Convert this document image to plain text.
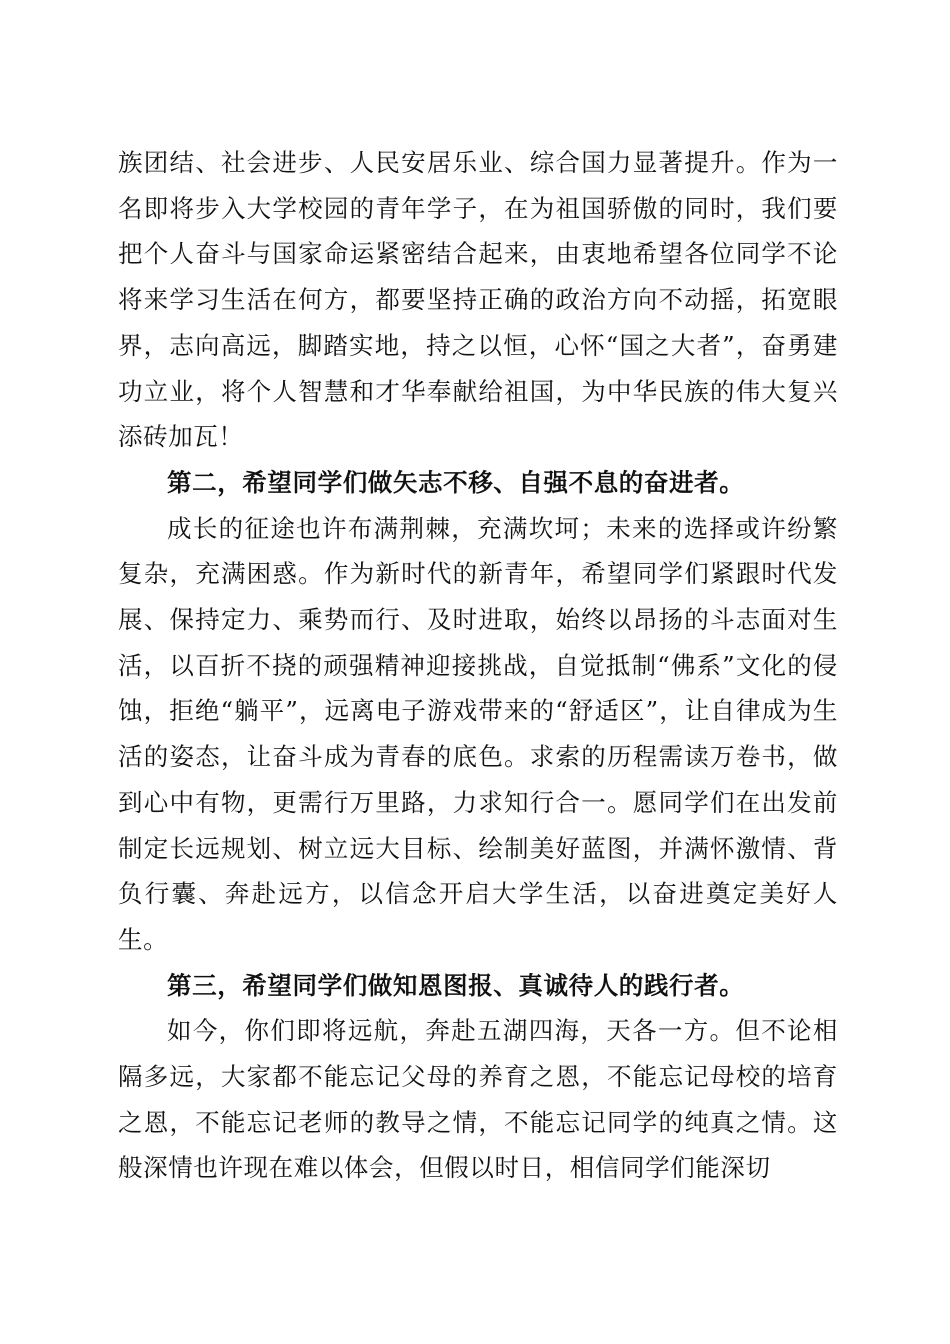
族团结、社会进步、人民安居乐业、综合国力显著提升。作为一名即将步入大学校园的青年学子，在为祖国骄傲的同时，我们要把个人奋斗与国家命运紧密结合起来，由衷地希望各位同学不论将来学习生活在何方，都要坚持正确的政治方向不动摇，拓宽眼界，志向高远，脚踏实地，持之以恒，心怀“国之大者”，奋勇建功立业，将个人智慧和才华奉献给祖国，为中华民族的伟大复兴添砖加瓦！

第二，希望同学们做矢志不移、自强不息的奋进者。

成长的征途也许布满荆棘，充满坎坷；未来的选择或许纷繁复杂，充满困惑。作为新时代的新青年，希望同学们紧跟时代发展、保持定力、乘势而行、及时进取，始终以昂扬的斗志面对生活，以百折不挠的顽强精神迎接挑战，自觉抵制“佛系”文化的侵蚀，拒绝“躺平”，远离电子游戏带来的“舒适区”，让自律成为生活的姿态，让奋斗成为青春的底色。求索的历程需读万卷书，做到心中有物，更需行万里路，力求知行合一。愿同学们在出发前制定长远规划、树立远大目标、绘制美好蓝图，并满怀激情、背负行囊、奔赴远方，以信念开启大学生活，以奋进奠定美好人生。

第三，希望同学们做知恩图报、真诚待人的践行者。

如今，你们即将远航，奔赴五湖四海，天各一方。但不论相隔多远，大家都不能忘记父母的养育之恩，不能忘记母校的培育之恩，不能忘记老师的教导之情，不能忘记同学的纯真之情。这般深情也许现在难以体会，但假以时日，相信同学们能深切
